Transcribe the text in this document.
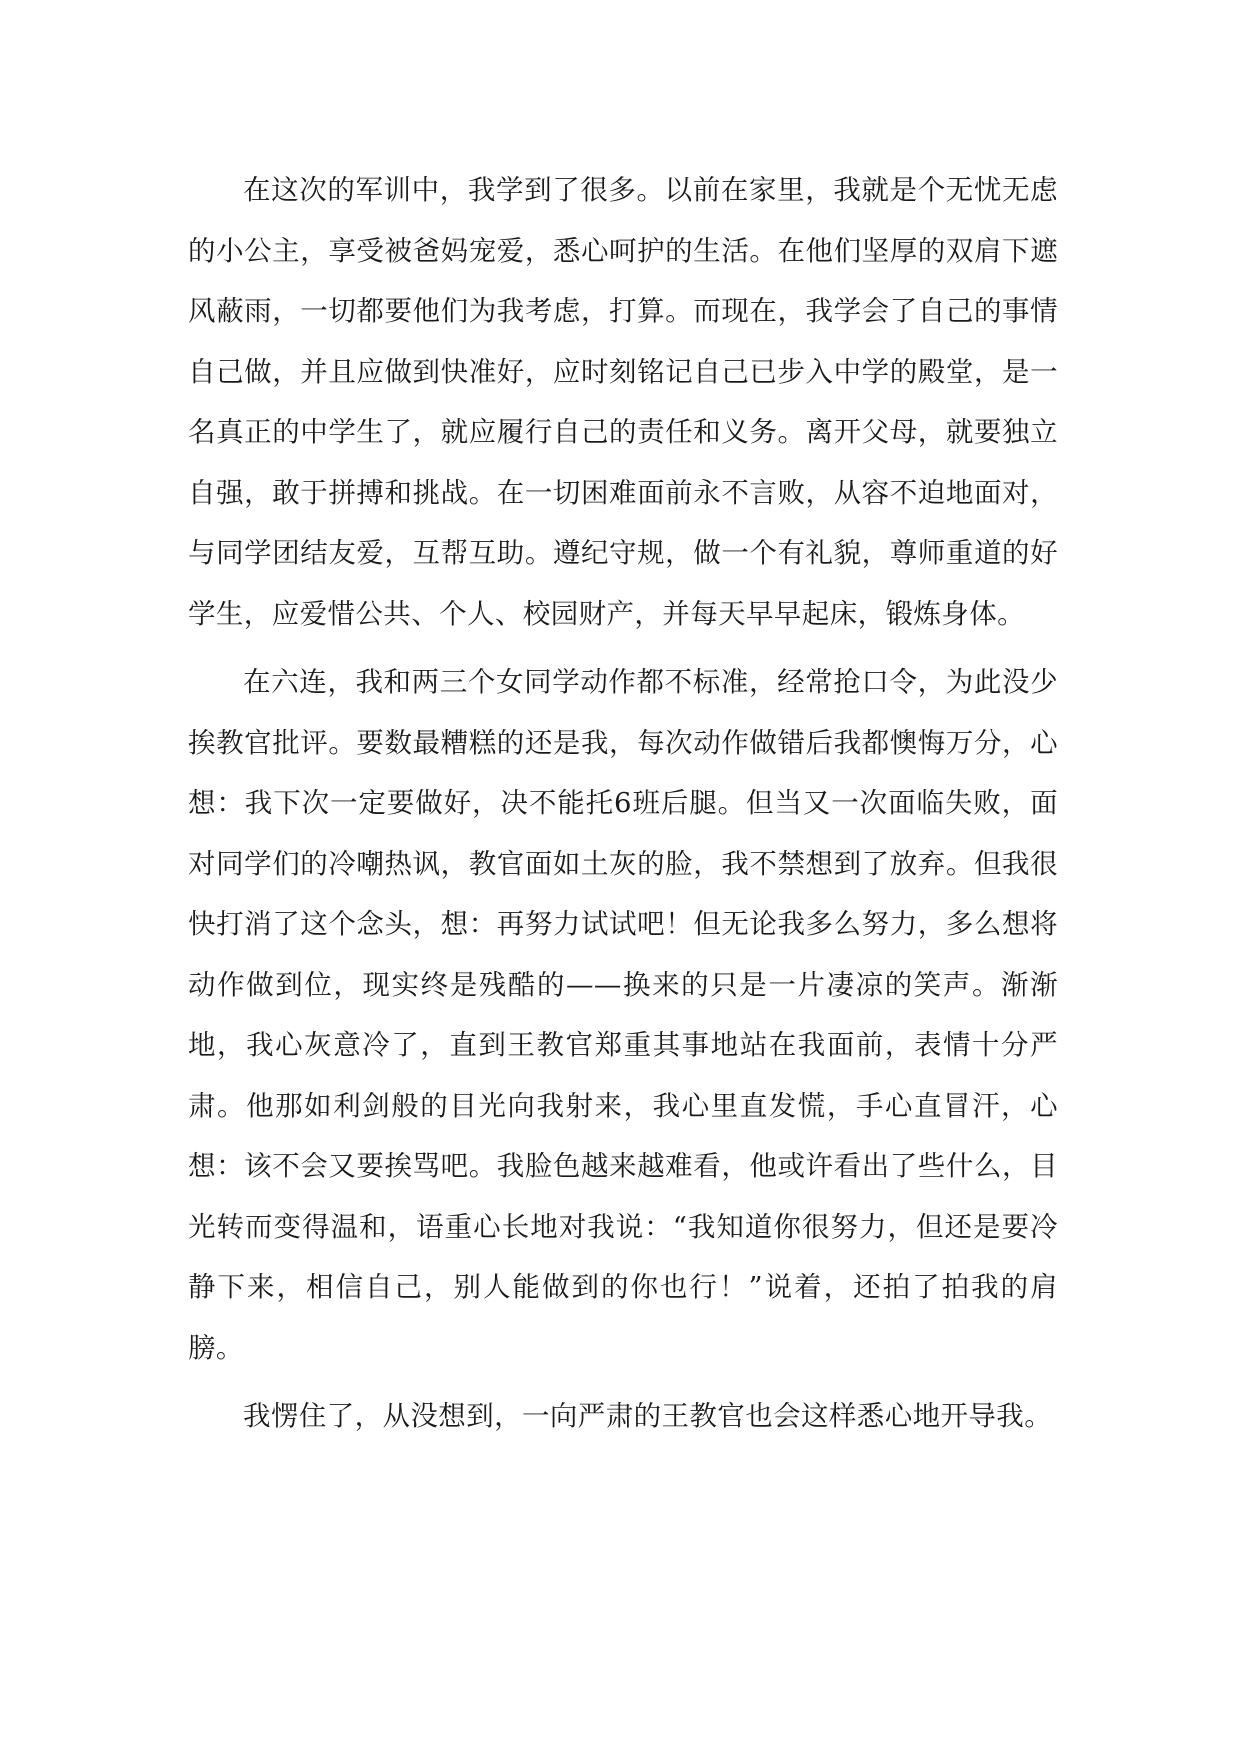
在这次的军训中，我学到了很多。以前在家里，我就是个无忧无虑的小公主，享受被爸妈宠爱，悉心呵护的生活。在他们坚厚的双肩下遮风蔽雨，一切都要他们为我考虑，打算。而现在，我学会了自己的事情自己做，并且应做到快准好，应时刻铭记自己已步入中学的殿堂，是一名真正的中学生了，就应履行自己的责任和义务。离开父母，就要独立自强，敢于拼搏和挑战。在一切困难面前永不言败，从容不迫地面对，与同学团结友爱，互帮互助。遵纪守规，做一个有礼貌，尊师重道的好学生，应爱惜公共、个人、校园财产，并每天早早起床，锻炼身体。

在六连，我和两三个女同学动作都不标准，经常抢口令，为此没少挨教官批评。要数最糟糕的还是我，每次动作做错后我都懊悔万分，心想：我下次一定要做好，决不能托6班后腿。但当又一次面临失败，面对同学们的冷嘲热讽，教官面如土灰的脸，我不禁想到了放弃。但我很快打消了这个念头，想：再努力试试吧！但无论我多么努力，多么想将动作做到位，现实终是残酷的——换来的只是一片凄凉的笑声。渐渐地，我心灰意冷了，直到王教官郑重其事地站在我面前，表情十分严肃。他那如利剑般的目光向我射来，我心里直发慌，手心直冒汗，心想：该不会又要挨骂吧。我脸色越来越难看，他或许看出了些什么，目光转而变得温和，语重心长地对我说：“我知道你很努力，但还是要冷静下来，相信自己，别人能做到的你也行！”说着，还拍了拍我的肩膀。

我愣住了，从没想到，一向严肃的王教官也会这样悉心地开导我。
